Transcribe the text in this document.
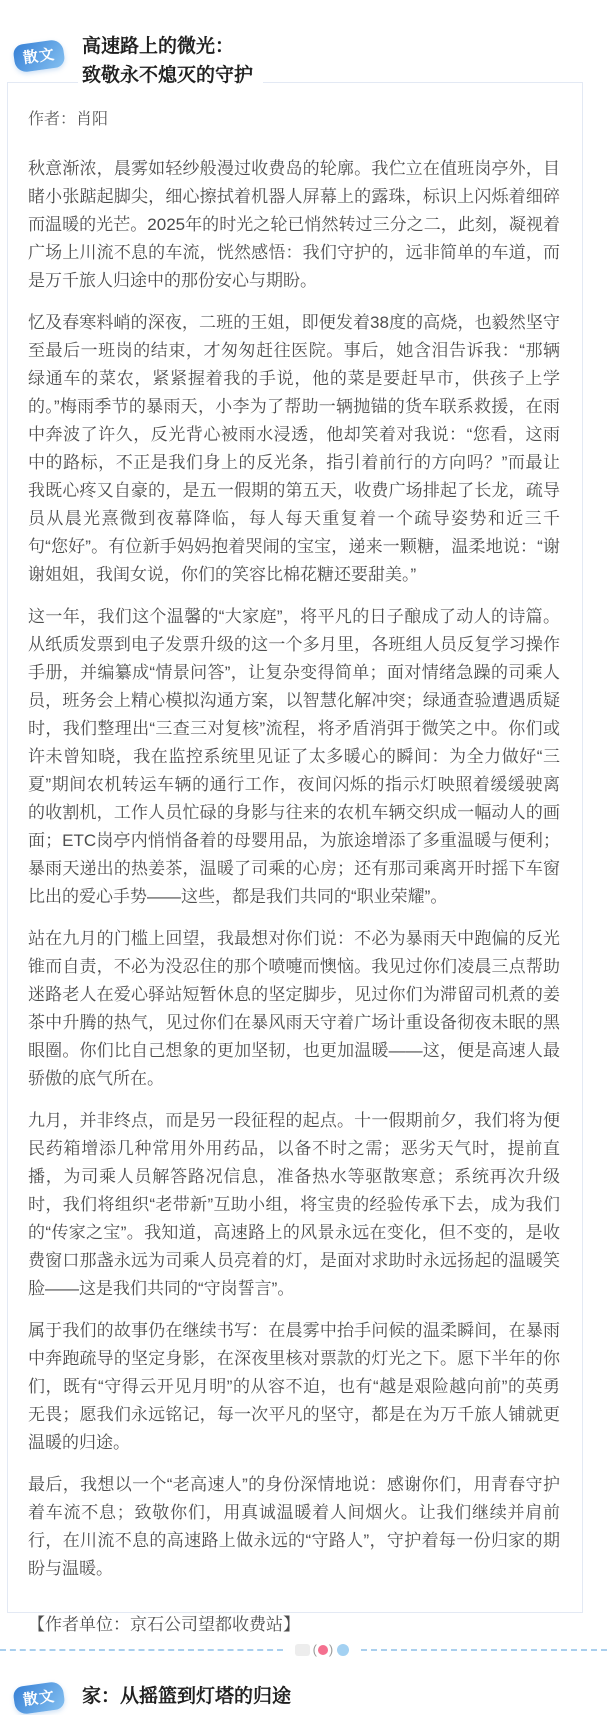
散文	高速路上的微光：
致敬永不熄灭的守护

作者：肖阳

秋意渐浓，晨雾如轻纱般漫过收费岛的轮廓。我伫立在值班岗亭外，目睹小张踮起脚尖，细心擦拭着机器人屏幕上的露珠，标识上闪烁着细碎而温暖的光芒。2025年的时光之轮已悄然转过三分之二，此刻，凝视着广场上川流不息的车流，恍然感悟：我们守护的，远非简单的车道，而是万千旅人归途中的那份安心与期盼。

忆及春寒料峭的深夜，二班的王姐，即便发着38度的高烧，也毅然坚守至最后一班岗的结束，才匆匆赶往医院。事后，她含泪告诉我：“那辆绿通车的菜农，紧紧握着我的手说，他的菜是要赶早市，供孩子上学的。”梅雨季节的暴雨天，小李为了帮助一辆抛锚的货车联系救援，在雨中奔波了许久，反光背心被雨水浸透，他却笑着对我说：“您看，这雨中的路标，不正是我们身上的反光条，指引着前行的方向吗？”而最让我既心疼又自豪的，是五一假期的第五天，收费广场排起了长龙，疏导员从晨光熹微到夜幕降临，每人每天重复着一个疏导姿势和近三千句“您好”。有位新手妈妈抱着哭闹的宝宝，递来一颗糖，温柔地说：“谢谢姐姐，我闺女说，你们的笑容比棉花糖还要甜美。”

这一年，我们这个温馨的“大家庭”，将平凡的日子酿成了动人的诗篇。从纸质发票到电子发票升级的这一个多月里，各班组人员反复学习操作手册，并编纂成“情景问答”，让复杂变得简单；面对情绪急躁的司乘人员，班务会上精心模拟沟通方案，以智慧化解冲突；绿通查验遭遇质疑时，我们整理出“三查三对复核”流程，将矛盾消弭于微笑之中。你们或许未曾知晓，我在监控系统里见证了太多暖心的瞬间：为全力做好“三夏”期间农机转运车辆的通行工作，夜间闪烁的指示灯映照着缓缓驶离的收割机，工作人员忙碌的身影与往来的农机车辆交织成一幅动人的画面；ETC岗亭内悄悄备着的母婴用品，为旅途增添了多重温暖与便利；暴雨天递出的热姜茶，温暖了司乘的心房；还有那司乘离开时摇下车窗比出的爱心手势——这些，都是我们共同的“职业荣耀”。

站在九月的门槛上回望，我最想对你们说：不必为暴雨天中跑偏的反光锥而自责，不必为没忍住的那个喷嚏而懊恼。我见过你们凌晨三点帮助迷路老人在爱心驿站短暂休息的坚定脚步，见过你们为滞留司机煮的姜茶中升腾的热气，见过你们在暴风雨天守着广场计重设备彻夜未眠的黑眼圈。你们比自己想象的更加坚韧，也更加温暖——这，便是高速人最骄傲的底气所在。

九月，并非终点，而是另一段征程的起点。十一假期前夕，我们将为便民药箱增添几种常用外用药品，以备不时之需；恶劣天气时，提前直播，为司乘人员解答路况信息，准备热水等驱散寒意；系统再次升级时，我们将组织“老带新”互助小组，将宝贵的经验传承下去，成为我们的“传家之宝”。我知道，高速路上的风景永远在变化，但不变的，是收费窗口那盏永远为司乘人员亮着的灯，是面对求助时永远扬起的温暖笑脸——这是我们共同的“守岗誓言”。

属于我们的故事仍在继续书写：在晨雾中抬手问候的温柔瞬间，在暴雨中奔跑疏导的坚定身影，在深夜里核对票款的灯光之下。愿下半年的你们，既有“守得云开见月明”的从容不迫，也有“越是艰险越向前”的英勇无畏；愿我们永远铭记，每一次平凡的坚守，都是在为万千旅人铺就更温暖的归途。

最后，我想以一个“老高速人”的身份深情地说：感谢你们，用青春守护着车流不息；致敬你们，用真诚温暖着人间烟火。让我们继续并肩前行，在川流不息的高速路上做永远的“守路人”，守护着每一份归家的期盼与温暖。

【作者单位：京石公司望都收费站】

( )
散文	家：从摇篮到灯塔的归途
